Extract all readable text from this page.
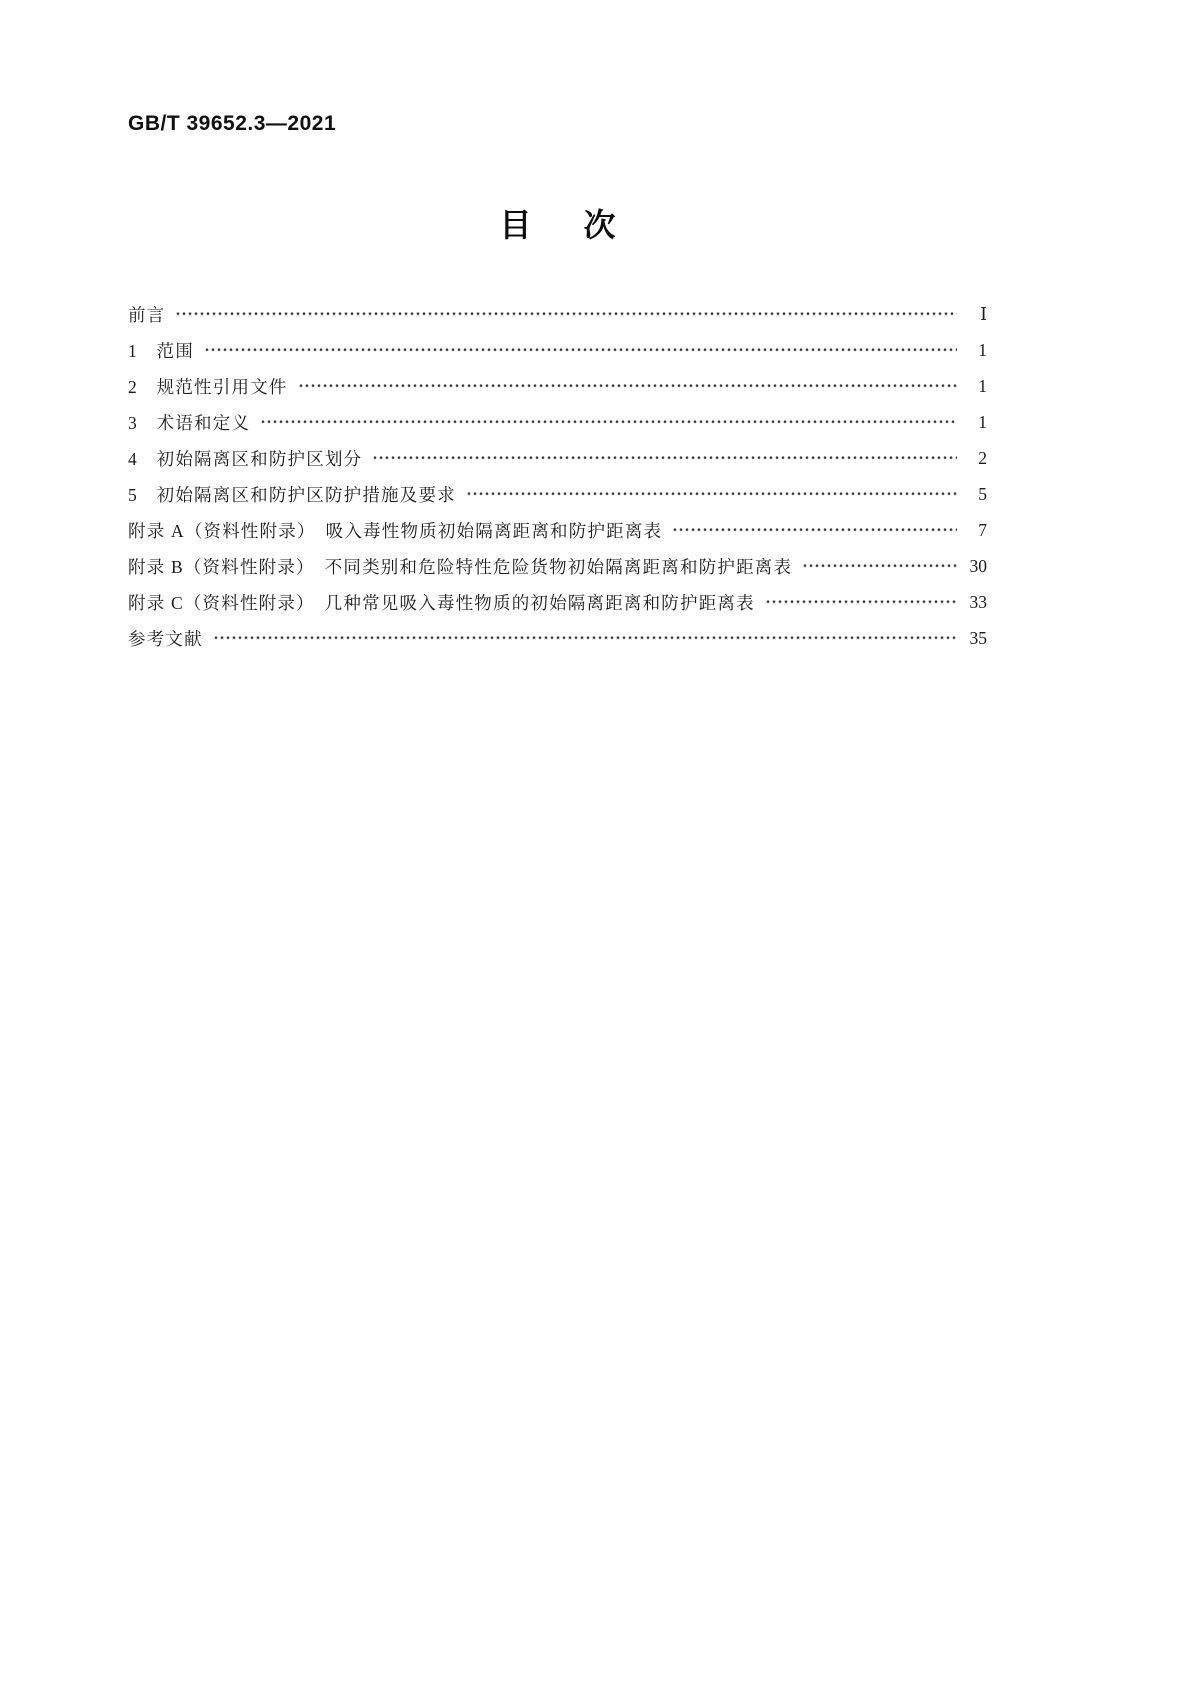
GB/T 39652.3—2021
目　次
前言	Ⅰ
1　范围	1
2　规范性引用文件	1
3　术语和定义	1
4　初始隔离区和防护区划分	2
5　初始隔离区和防护区防护措施及要求	5
附录 A（资料性附录）　吸入毒性物质初始隔离距离和防护距离表	7
附录 B（资料性附录）　不同类别和危险特性危险货物初始隔离距离和防护距离表	30
附录 C（资料性附录）　几种常见吸入毒性物质的初始隔离距离和防护距离表	33
参考文献	35
